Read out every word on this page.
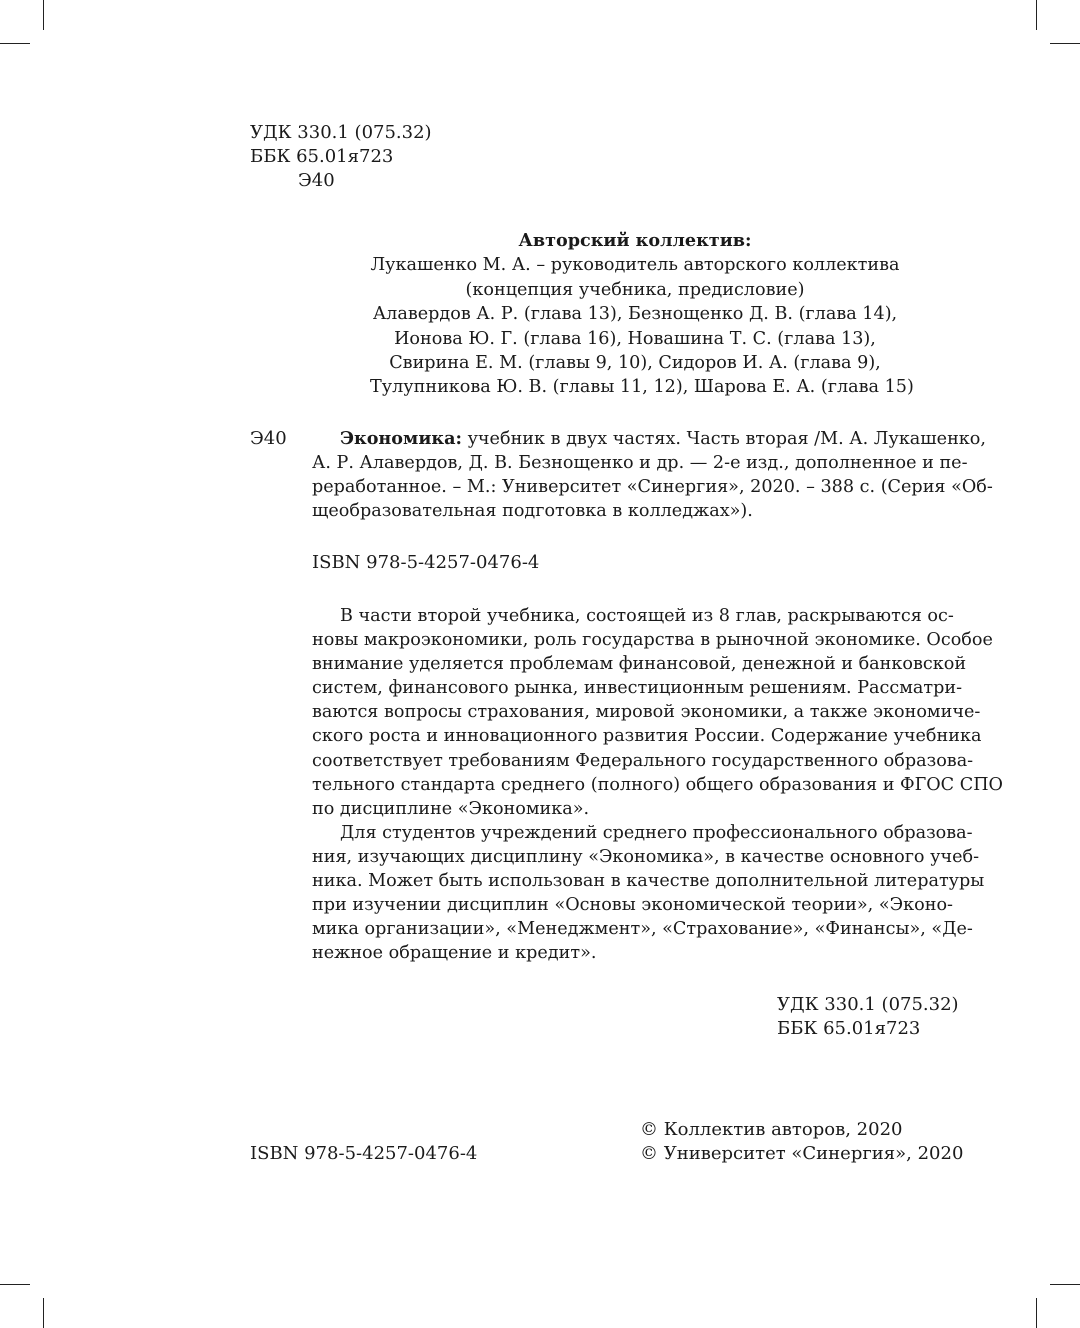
УДК 330.1 (075.32)
ББК 65.01я723
Э40
Авторский коллектив:
Лукашенко М. А. – руководитель авторского коллектива
(концепция учебника, предисловие)
Алавердов А. Р. (глава 13), Безнощенко Д. В. (глава 14),
Ионова Ю. Г. (глава 16), Новашина Т. С. (глава 13),
Свирина Е. М. (главы 9, 10), Сидоров И. А. (глава 9),
Тулупникова Ю. В. (главы 11, 12), Шарова Е. А. (глава 15)
Э40	Экономика: учебник в двух частях. Часть вторая /М. А. Лукашенко,
А. Р. Алавердов, Д. В. Безнощенко и др. — 2-е изд., дополненное и пе-
реработанное. – М.: Университет «Синергия», 2020. – 388 с. (Серия «Об-
щеобразовательная подготовка в колледжах»).
ISBN 978-5-4257-0476-4
В части второй учебника, состоящей из 8 глав, раскрываются ос-
новы макроэкономики, роль государства в рыночной экономике. Особое
внимание уделяется проблемам финансовой, денежной и банковской
систем, финансового рынка, инвестиционным решениям. Рассматри-
ваются вопросы страхования, мировой экономики, а также экономиче-
ского роста и инновационного развития России. Содержание учебника
соответствует требованиям Федерального государственного образова-
тельного стандарта среднего (полного) общего образования и ФГОС СПО
по дисциплине «Экономика».
Для студентов учреждений среднего профессионального образова-
ния, изучающих дисциплину «Экономика», в качестве основного учеб-
ника. Может быть использован в качестве дополнительной литературы
при изучении дисциплин «Основы экономической теории», «Эконо-
мика организации», «Менеджмент», «Страхование», «Финансы», «Де-
нежное обращение и кредит».
УДК 330.1 (075.32)
ББК 65.01я723
© Коллектив авторов, 2020
ISBN 978-5-4257-0476-4	© Университет «Синергия», 2020
